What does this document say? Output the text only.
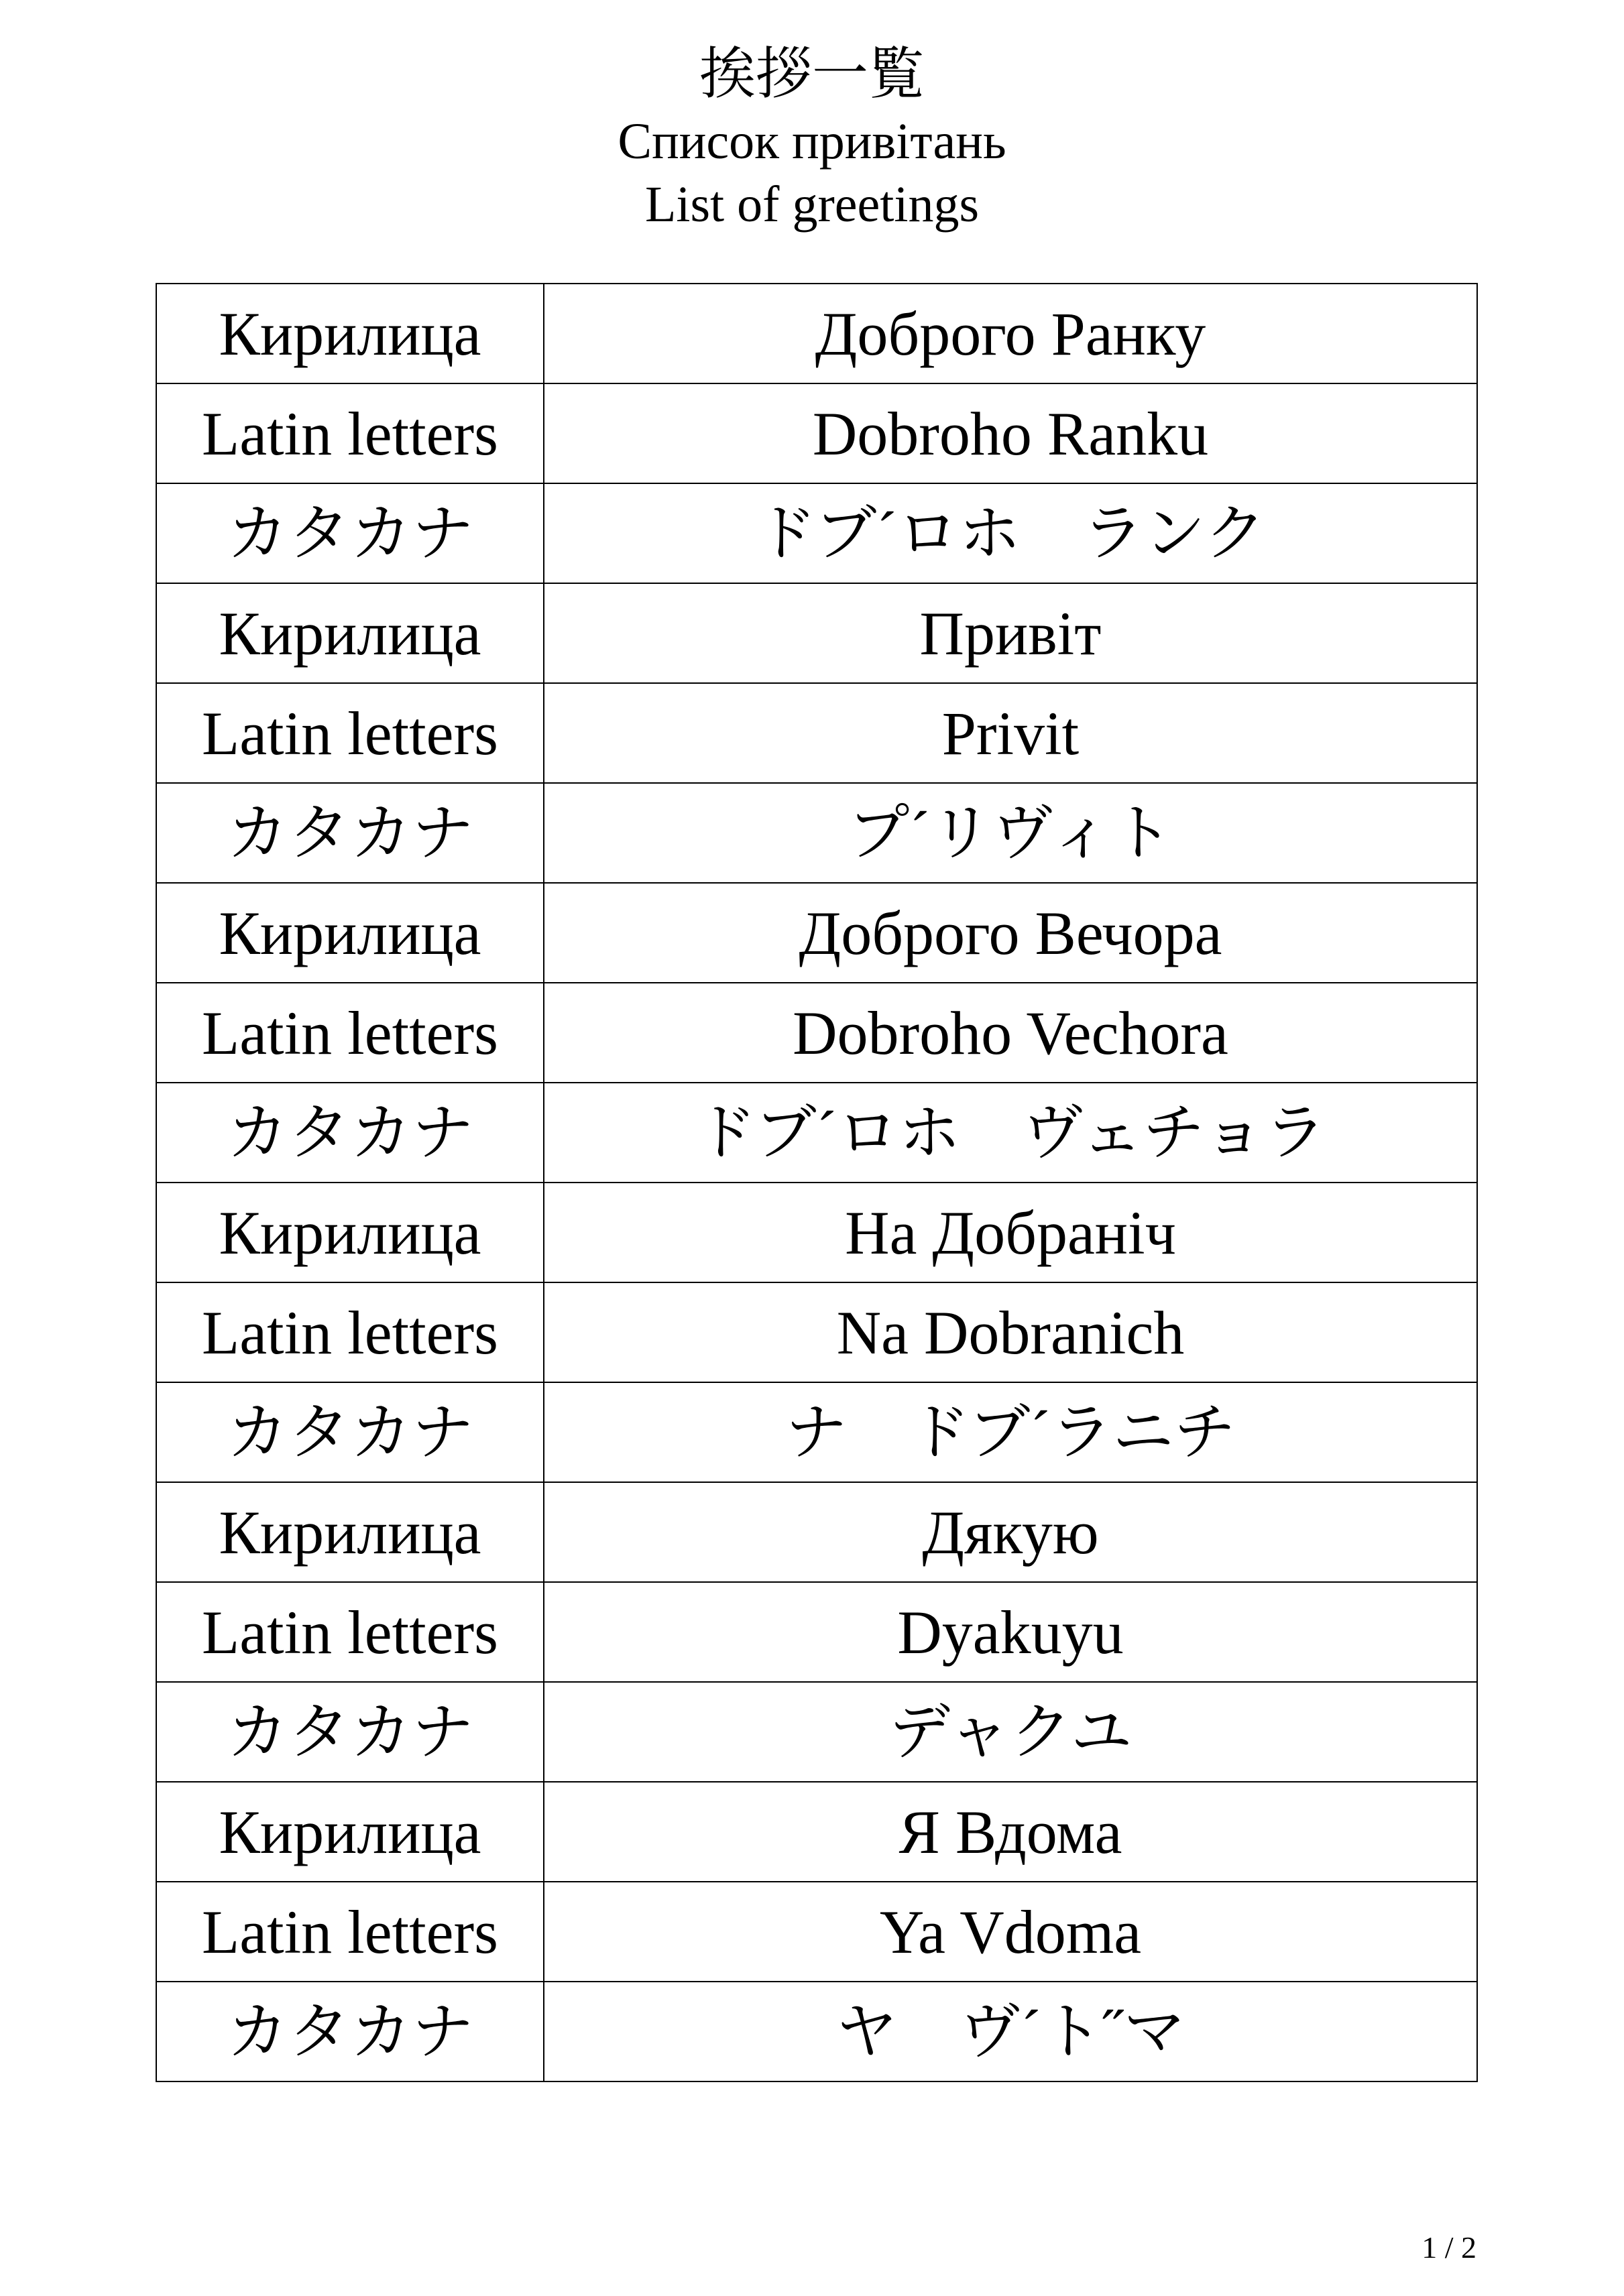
挨拶一覧
Список привітань
List of greetings
Кирилица	Доброго Ранку
Latin letters	Dobroho Ranku
カタカナ	ドブ´ロホ　ランク
Кирилица	Привіт
Latin letters	Privit
カタカナ	プ´リヴィト
Кирилица	Доброго Вечора
Latin letters	Dobroho Vechora
カタカナ	ドブ´ロホ　ヴェチョラ
Кирилица	На Добраніч
Latin letters	Na Dobranich
カタカナ	ナ　ドブ´ラニチ
Кирилица	Дякую
Latin letters	Dyakuyu
カタカナ	デャクユ
Кирилица	Я Вдома
Latin letters	Ya Vdoma
カタカナ	ヤ　ヴ´ト˝マ
1 / 2
